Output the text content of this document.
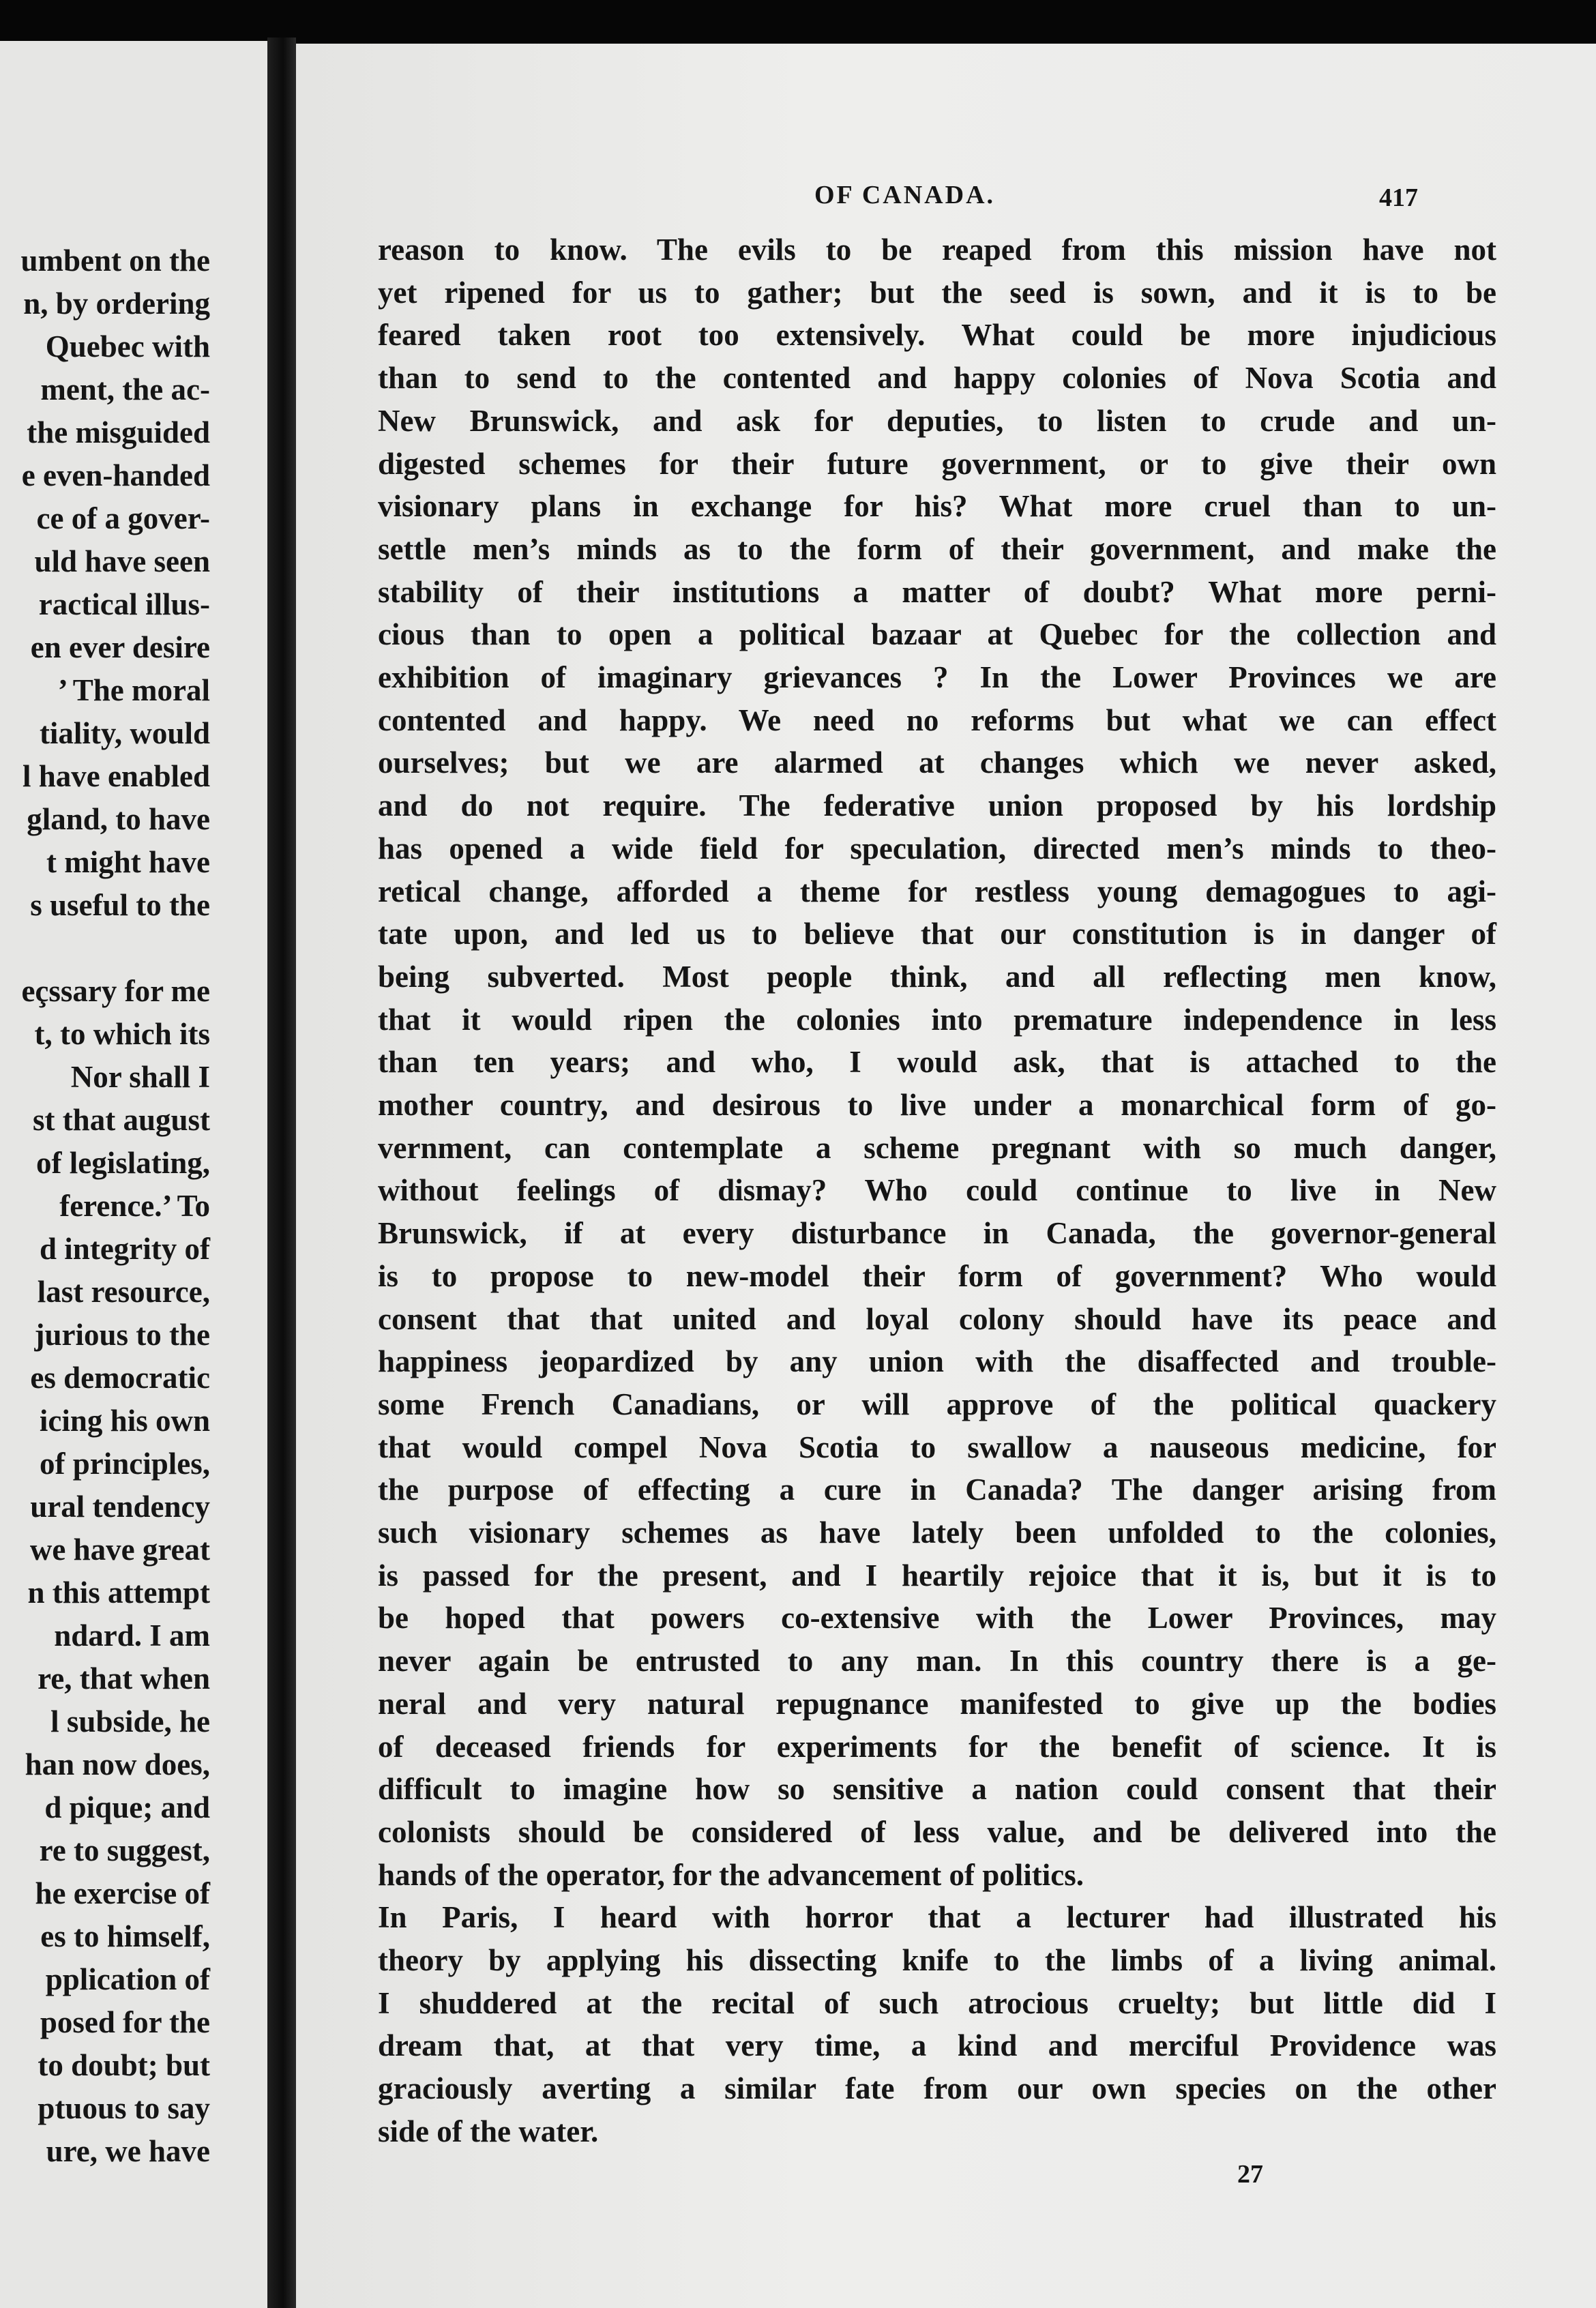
umbent on the
n, by ordering
Quebec with
ment, the ac-
the misguided
e even-handed
ce of a gover-
uld have seen
ractical illus-
en ever desire
’ The moral
tiality, would
l have enabled
gland, to have
t might have
s useful to the
eçssary for me
t, to which its
Nor shall I
st that august
of legislating,
ference.’ To
d integrity of
last resource,
jurious to the
es democratic
icing his own
of principles,
ural tendency
we have great
n this attempt
ndard. I am
re, that when
l subside, he
han now does,
d pique; and
re to suggest,
he exercise of
es to himself,
pplication of
posed for the
to doubt; but
ptuous to say
ure, we have
OF CANADA.	417
reason to know. The evils to be reaped from this mission have not
yet ripened for us to gather; but the seed is sown, and it is to be
feared taken root too extensively. What could be more injudicious
than to send to the contented and happy colonies of Nova Scotia and
New Brunswick, and ask for deputies, to listen to crude and un-
digested schemes for their future government, or to give their own
visionary plans in exchange for his? What more cruel than to un-
settle men’s minds as to the form of their government, and make the
stability of their institutions a matter of doubt? What more perni-
cious than to open a political bazaar at Quebec for the collection and
exhibition of imaginary grievances ? In the Lower Provinces we are
contented and happy. We need no reforms but what we can effect
ourselves; but we are alarmed at changes which we never asked,
and do not require. The federative union proposed by his lordship
has opened a wide field for speculation, directed men’s minds to theo-
retical change, afforded a theme for restless young demagogues to agi-
tate upon, and led us to believe that our constitution is in danger of
being subverted. Most people think, and all reflecting men know,
that it would ripen the colonies into premature independence in less
than ten years; and who, I would ask, that is attached to the
mother country, and desirous to live under a monarchical form of go-
vernment, can contemplate a scheme pregnant with so much danger,
without feelings of dismay? Who could continue to live in New
Brunswick, if at every disturbance in Canada, the governor-general
is to propose to new-model their form of government? Who would
consent that that united and loyal colony should have its peace and
happiness jeopardized by any union with the disaffected and trouble-
some French Canadians, or will approve of the political quackery
that would compel Nova Scotia to swallow a nauseous medicine, for
the purpose of effecting a cure in Canada? The danger arising from
such visionary schemes as have lately been unfolded to the colonies,
is passed for the present, and I heartily rejoice that it is, but it is to
be hoped that powers co-extensive with the Lower Provinces, may
never again be entrusted to any man. In this country there is a ge-
neral and very natural repugnance manifested to give up the bodies
of deceased friends for experiments for the benefit of science. It is
difficult to imagine how so sensitive a nation could consent that their
colonists should be considered of less value, and be delivered into the
hands of the operator, for the advancement of politics.
In Paris, I heard with horror that a lecturer had illustrated his
theory by applying his dissecting knife to the limbs of a living animal.
I shuddered at the recital of such atrocious cruelty; but little did I
dream that, at that very time, a kind and merciful Providence was
graciously averting a similar fate from our own species on the other
side of the water.
27
